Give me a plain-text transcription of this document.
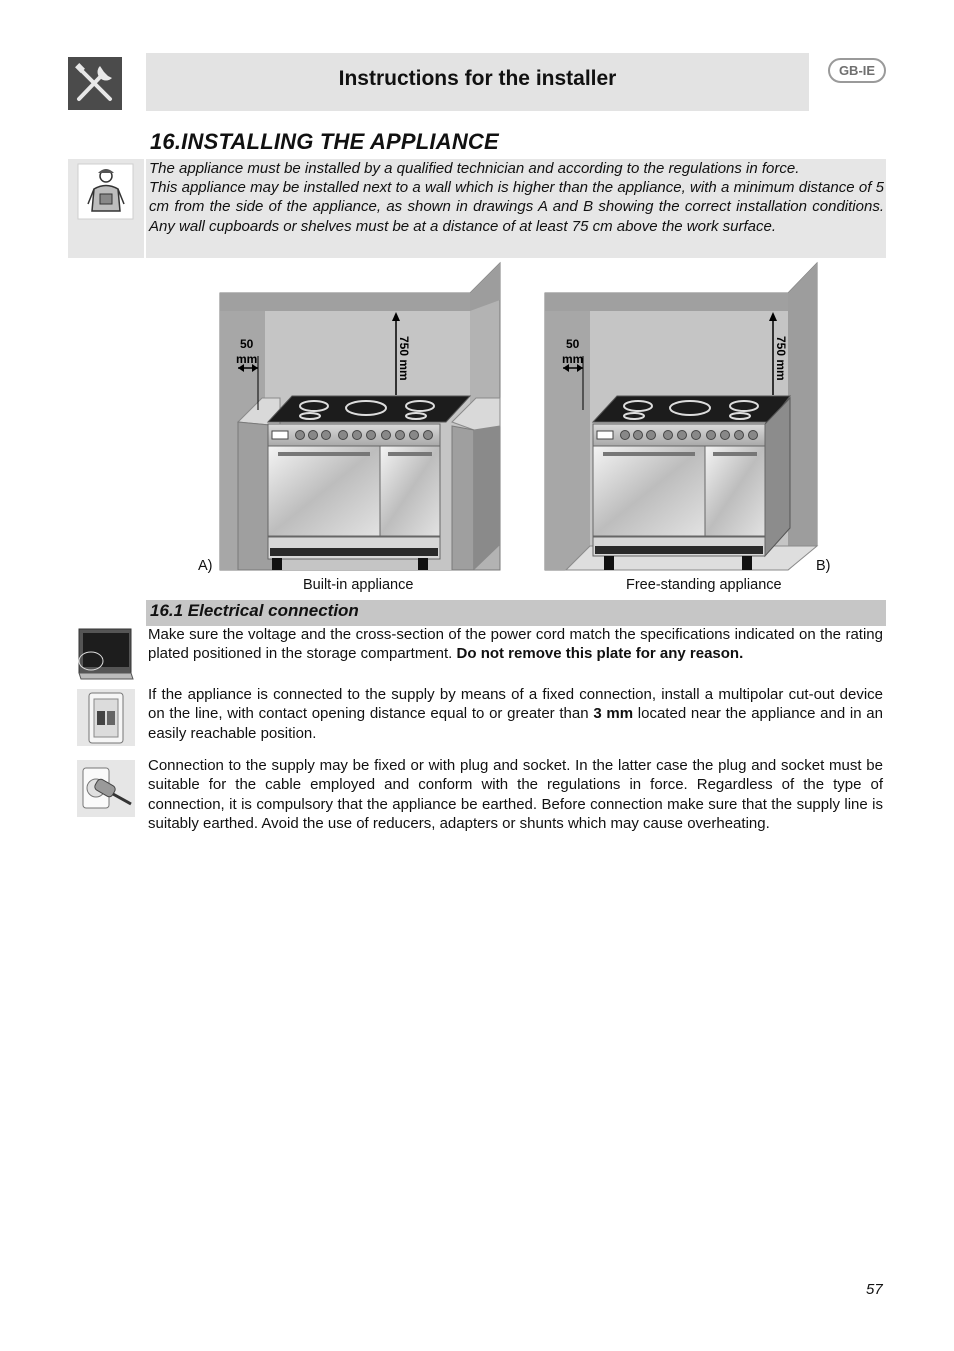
Instructions for the installer	GB-IE
16.INSTALLING THE APPLIANCE

The appliance must be installed by a qualified technician and according to the regulations in force.

This appliance may be installed next to a wall which is higher than the appliance, with a minimum distance of 5 cm from the side of the appliance, as shown in drawings A and B showing the correct installation conditions. Any wall cupboards or shelves must be at a distance of at least 75 cm above the work surface.

50
mm	750 mm	50
mm	750 mm
A)
Built-in appliance
B)
Free-standing appliance
16.1 Electrical connection

Make sure the voltage and the cross-section of the power cord match the specifications indicated on the rating plated positioned in the storage compartment. Do not remove this plate for any reason.

If the appliance is connected to the supply by means of a fixed connection, install a multipolar cut-out device on the line, with contact opening distance equal to or greater than 3 mm located near the appliance and in an easily reachable position.

Connection to the supply may be fixed or with plug and socket. In the latter case the plug and socket must be suitable for the cable employed and conform with the regulations in force. Regardless of the type of connection, it is compulsory that the appliance be earthed. Before connection make sure that the supply line is suitably earthed. Avoid the use of reducers, adapters or shunts which may cause overheating.

57
